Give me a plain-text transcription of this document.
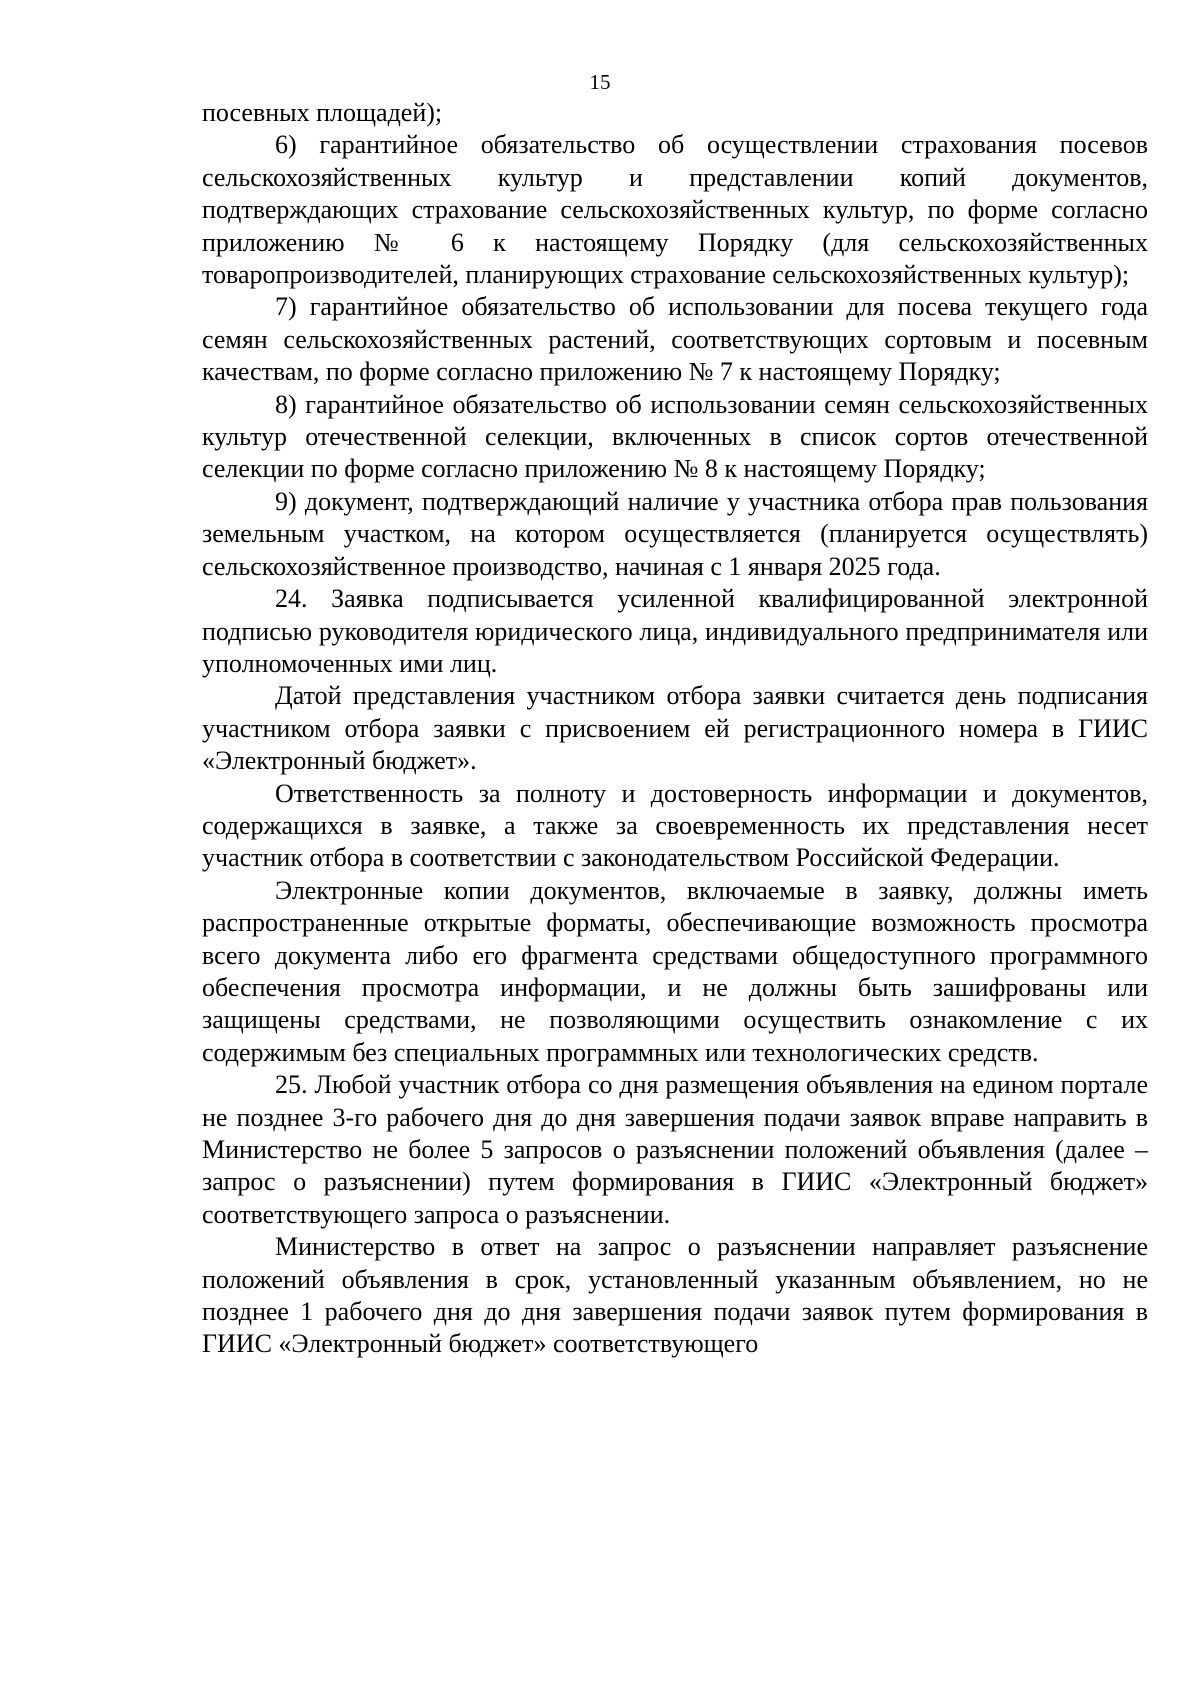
15

посевных площадей);

6) гарантийное обязательство об осуществлении страхования посевов сельскохозяйственных культур и представлении копий документов, подтверждающих страхование сельскохозяйственных культур, по форме согласно приложению № 6 к настоящему Порядку (для сельскохозяйственных товаропроизводителей, планирующих страхование сельскохозяйственных культур);

7) гарантийное обязательство об использовании для посева текущего года семян сельскохозяйственных растений, соответствующих сортовым и посевным качествам, по форме согласно приложению № 7 к настоящему Порядку;

8) гарантийное обязательство об использовании семян сельскохозяйственных культур отечественной селекции, включенных в список сортов отечественной селекции по форме согласно приложению № 8 к настоящему Порядку;

9) документ, подтверждающий наличие у участника отбора прав пользования земельным участком, на котором осуществляется (планируется осуществлять) сельскохозяйственное производство, начиная с 1 января 2025 года.

24. Заявка подписывается усиленной квалифицированной электронной подписью руководителя юридического лица, индивидуального предпринимателя или уполномоченных ими лиц.

Датой представления участником отбора заявки считается день подписания участником отбора заявки с присвоением ей регистрационного номера в ГИИС «Электронный бюджет».

Ответственность за полноту и достоверность информации и документов, содержащихся в заявке, а также за своевременность их представления несет участник отбора в соответствии с законодательством Российской Федерации.

Электронные копии документов, включаемые в заявку, должны иметь распространенные открытые форматы, обеспечивающие возможность просмотра всего документа либо его фрагмента средствами общедоступного программного обеспечения просмотра информации, и не должны быть зашифрованы или защищены средствами, не позволяющими осуществить ознакомление с их содержимым без специальных программных или технологических средств.

25. Любой участник отбора со дня размещения объявления на едином портале не позднее 3-го рабочего дня до дня завершения подачи заявок вправе направить в Министерство не более 5 запросов о разъяснении положений объявления (далее – запрос о разъяснении) путем формирования в ГИИС «Электронный бюджет» соответствующего запроса о разъяснении.

Министерство в ответ на запрос о разъяснении направляет разъяснение положений объявления в срок, установленный указанным объявлением, но не позднее 1 рабочего дня до дня завершения подачи заявок путем формирования в ГИИС «Электронный бюджет» соответствующего
